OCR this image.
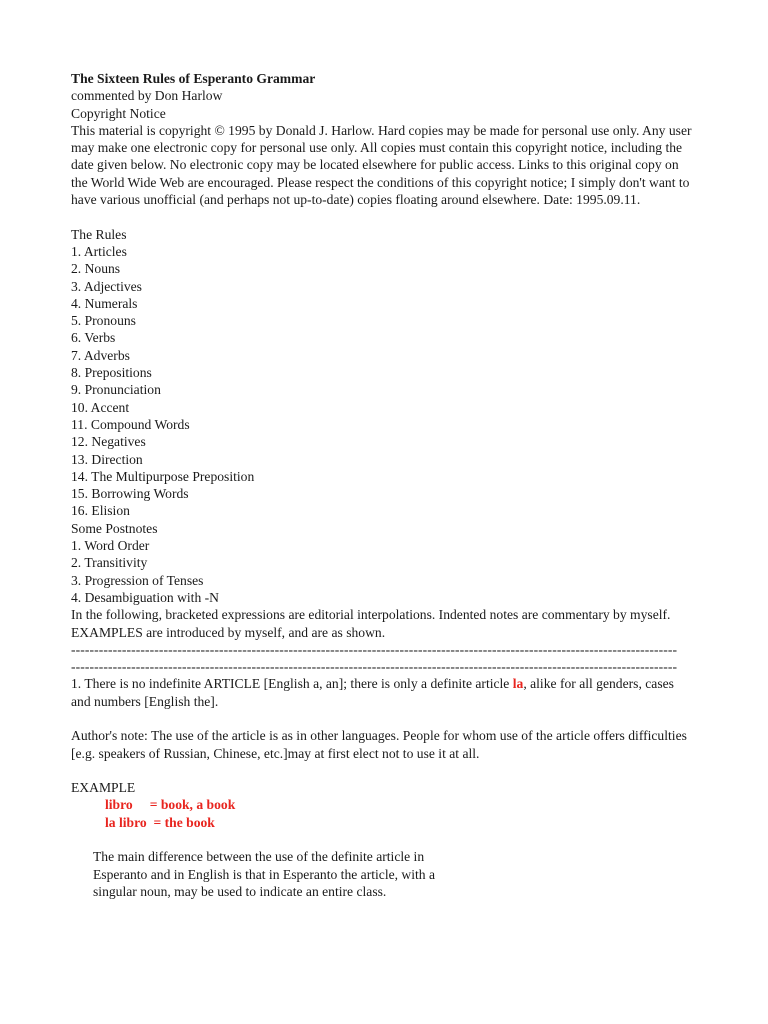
The Sixteen Rules of Esperanto Grammar
commented by Don Harlow
Copyright Notice
This material is copyright © 1995 by Donald J. Harlow. Hard copies may be made for personal use only. Any user may make one electronic copy for personal use only. All copies must contain this copyright notice, including the date given below. No electronic copy may be located elsewhere for public access. Links to this original copy on the World Wide Web are encouraged. Please respect the conditions of this copyright notice; I simply don't want to have various unofficial (and perhaps not up-to-date) copies floating around elsewhere. Date: 1995.09.11.
The Rules
1. Articles
2. Nouns
3. Adjectives
4. Numerals
5. Pronouns
6. Verbs
7. Adverbs
8. Prepositions
9. Pronunciation
10. Accent
11. Compound Words
12. Negatives
13. Direction
14. The Multipurpose Preposition
15. Borrowing Words
16. Elision
Some Postnotes
1. Word Order
2. Transitivity
3. Progression of Tenses
4. Desambiguation with -N
In the following, bracketed expressions are editorial interpolations. Indented notes are commentary by myself. EXAMPLES are introduced by myself, and are as shown.
-----------------------------------------------------------------------------------------------------------------------------------
-----------------------------------------------------------------------------------------------------------------------------------
1. There is no indefinite ARTICLE [English a, an]; there is only a definite article la, alike for all genders, cases and numbers [English the].
Author's note: The use of the article is as in other languages. People for whom use of the article offers difficulties [e.g. speakers of Russian, Chinese, etc.]may at first elect not to use it at all.
EXAMPLE
libro     = book, a book
la libro  = the book
The main difference between the use of the definite article in Esperanto and in English is that in Esperanto the article, with a singular noun, may be used to indicate an entire class.
